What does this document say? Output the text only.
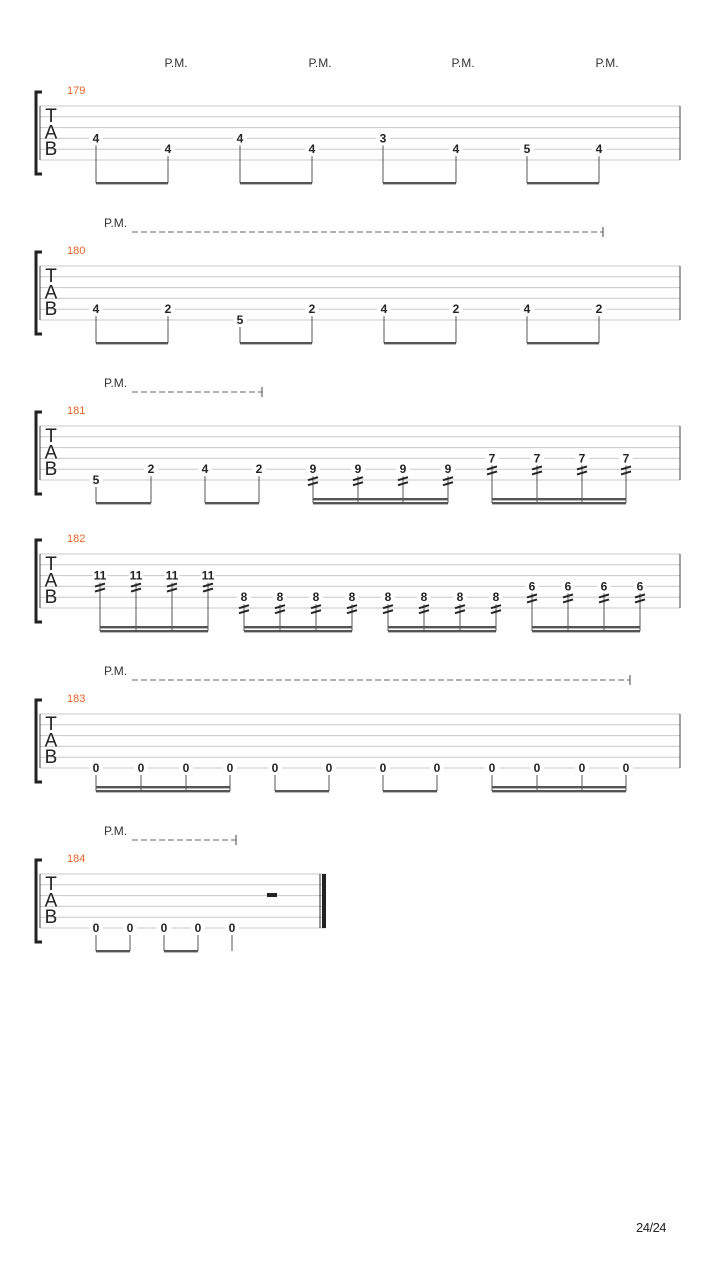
T
A
B
179
P.M.	P.M.	P.M.	P.M.
4
4
4
4
3
4	5	4
T
A
B
180
P.M.
4	2
5
2	4	2	4	2
T
A
B
181
P.M.
5
2	4	2	9	9	9	9
7	7	7	7
T
A
B
182
11 11 11 11
8 8 8 8 8 8 8 8
6 6 6 6
T
A
B
183
P.M.
0	0	0	0	0	0	0	0	0	0	0	0
T
A
B
184
P.M.
0 0 0 0 0
24/24
